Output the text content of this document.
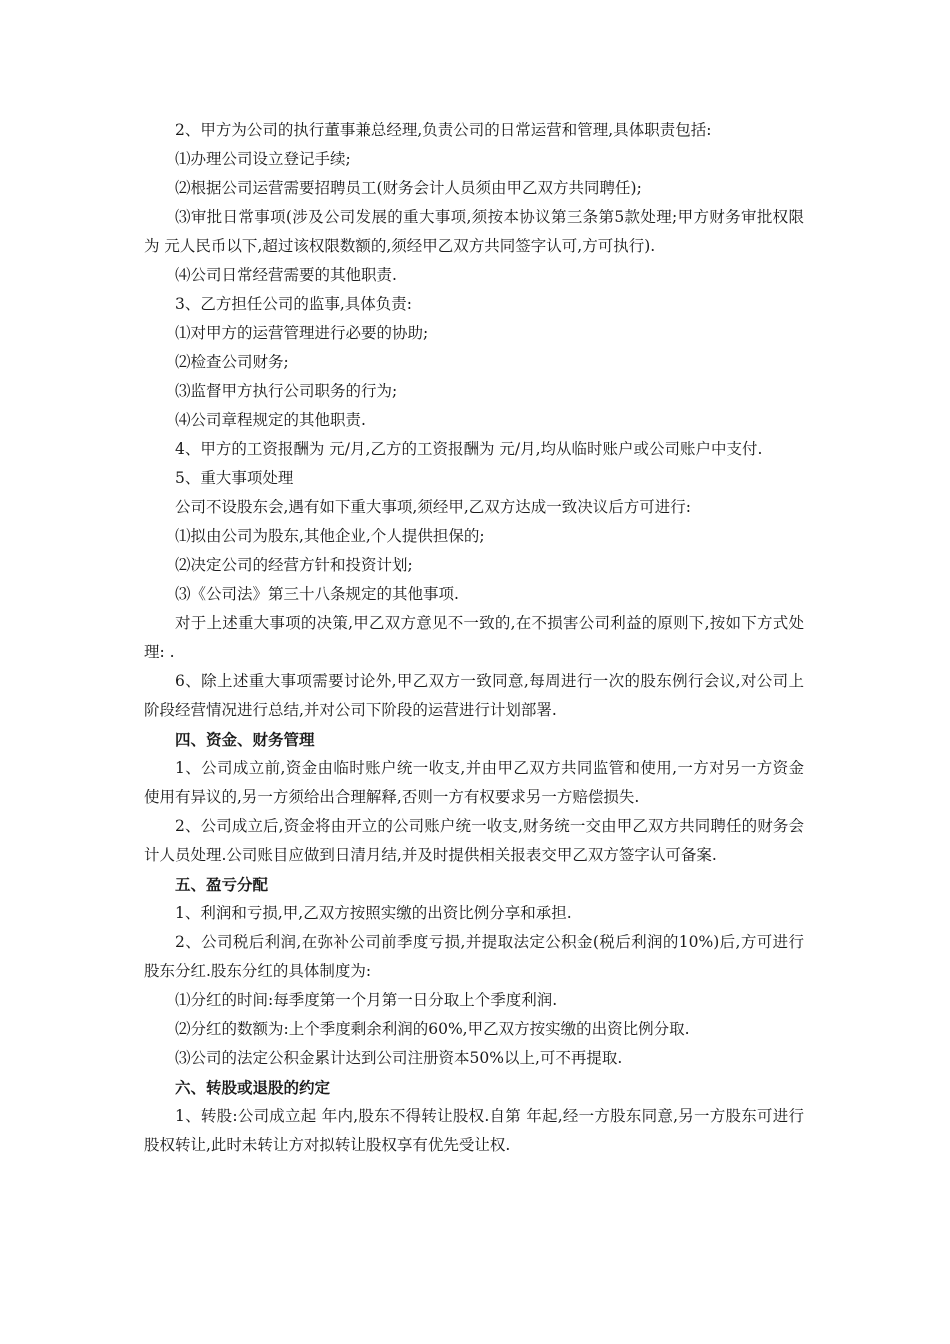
2、甲方为公司的执行董事兼总经理,负责公司的日常运营和管理,具体职责包括:

⑴办理公司设立登记手续;

⑵根据公司运营需要招聘员工(财务会计人员须由甲乙双方共同聘任);

⑶审批日常事项(涉及公司发展的重大事项,须按本协议第三条第5款处理;甲方财务审批权限为 元人民币以下,超过该权限数额的,须经甲乙双方共同签字认可,方可执行).

⑷公司日常经营需要的其他职责.

3、乙方担任公司的监事,具体负责:

⑴对甲方的运营管理进行必要的协助;

⑵检查公司财务;

⑶监督甲方执行公司职务的行为;

⑷公司章程规定的其他职责.

4、甲方的工资报酬为 元/月,乙方的工资报酬为 元/月,均从临时账户或公司账户中支付.

5、重大事项处理

公司不设股东会,遇有如下重大事项,须经甲,乙双方达成一致决议后方可进行:

⑴拟由公司为股东,其他企业,个人提供担保的;

⑵决定公司的经营方针和投资计划;

⑶《公司法》第三十八条规定的其他事项.

对于上述重大事项的决策,甲乙双方意见不一致的,在不损害公司利益的原则下,按如下方式处理: .

6、除上述重大事项需要讨论外,甲乙双方一致同意,每周进行一次的股东例行会议,对公司上阶段经营情况进行总结,并对公司下阶段的运营进行计划部署.

四、资金、财务管理

1、公司成立前,资金由临时账户统一收支,并由甲乙双方共同监管和使用,一方对另一方资金使用有异议的,另一方须给出合理解释,否则一方有权要求另一方赔偿损失.

2、公司成立后,资金将由开立的公司账户统一收支,财务统一交由甲乙双方共同聘任的财务会计人员处理.公司账目应做到日清月结,并及时提供相关报表交甲乙双方签字认可备案.

五、盈亏分配

1、利润和亏损,甲,乙双方按照实缴的出资比例分享和承担.

2、公司税后利润,在弥补公司前季度亏损,并提取法定公积金(税后利润的10%)后,方可进行股东分红.股东分红的具体制度为:

⑴分红的时间:每季度第一个月第一日分取上个季度利润.

⑵分红的数额为:上个季度剩余利润的60%,甲乙双方按实缴的出资比例分取.

⑶公司的法定公积金累计达到公司注册资本50%以上,可不再提取.

六、转股或退股的约定

1、转股:公司成立起 年内,股东不得转让股权.自第 年起,经一方股东同意,另一方股东可进行股权转让,此时未转让方对拟转让股权享有优先受让权.
